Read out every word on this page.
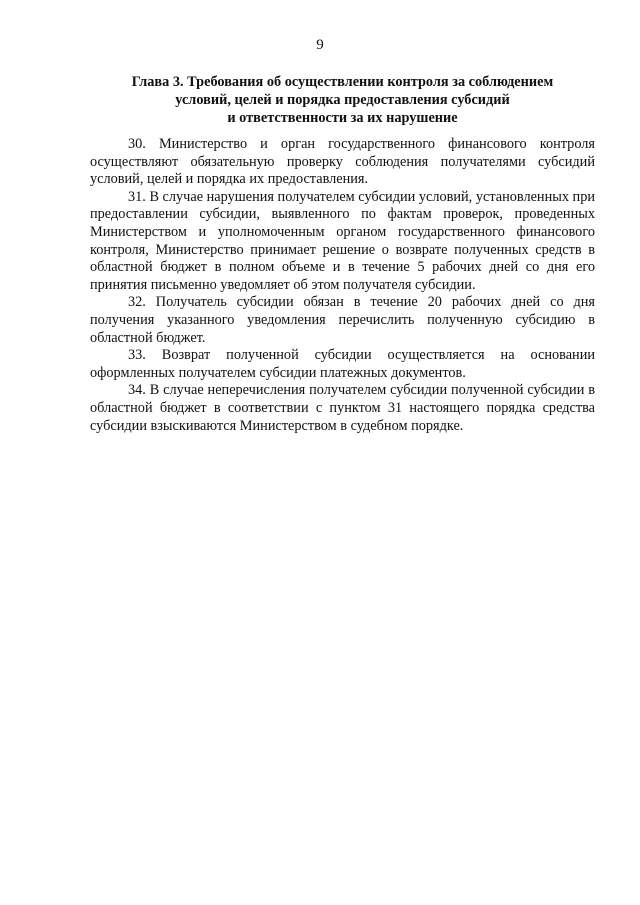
9
Глава 3. Требования об осуществлении контроля за соблюдением
условий, целей и порядка предоставления субсидий
и ответственности за их нарушение

30. Министерство и орган государственного финансового контроля осуществляют обязательную проверку соблюдения получателями субсидий условий, целей и порядка их предоставления.

31. В случае нарушения получателем субсидии условий, установленных при предоставлении субсидии, выявленного по фактам проверок, проведенных Министерством и уполномоченным органом государственного финансового контроля, Министерство принимает решение о возврате полученных средств в областной бюджет в полном объеме и в течение 5 рабочих дней со дня его принятия письменно уведомляет об этом получателя субсидии.

32. Получатель субсидии обязан в течение 20 рабочих дней со дня получения указанного уведомления перечислить полученную субсидию в областной бюджет.

33. Возврат полученной субсидии осуществляется на основании оформленных получателем субсидии платежных документов.

34. В случае неперечисления получателем субсидии полученной субсидии в областной бюджет в соответствии с пунктом 31 настоящего порядка средства субсидии взыскиваются Министерством в судебном порядке.
